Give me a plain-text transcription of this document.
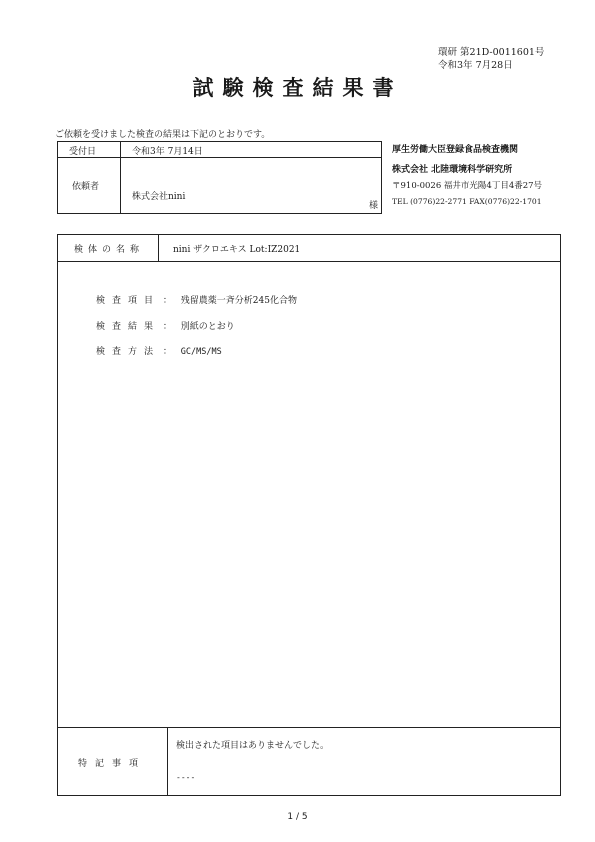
環研 第21D-0011601号
令和3年 7月28日
試験検査結果書
ご依頼を受けました検査の結果は下記のとおりです。
受付日	令和3年 7月14日
依頼者
株式会社nini
様
厚生労働大臣登録食品検査機関
株式会社 北陸環境科学研究所
〒910-0026 福井市光陽4丁目4番27号
TEL (0776)22-2771 FAX(0776)22-1701
検体の名称	nini ザクロエキス Lot:IZ2021
検査項目 ： 残留農薬一斉分析245化合物
検査結果 ： 別紙のとおり
検査方法 ： GC/MS/MS
特記事項
検出された項目はありませんでした。
----
1 / 5
